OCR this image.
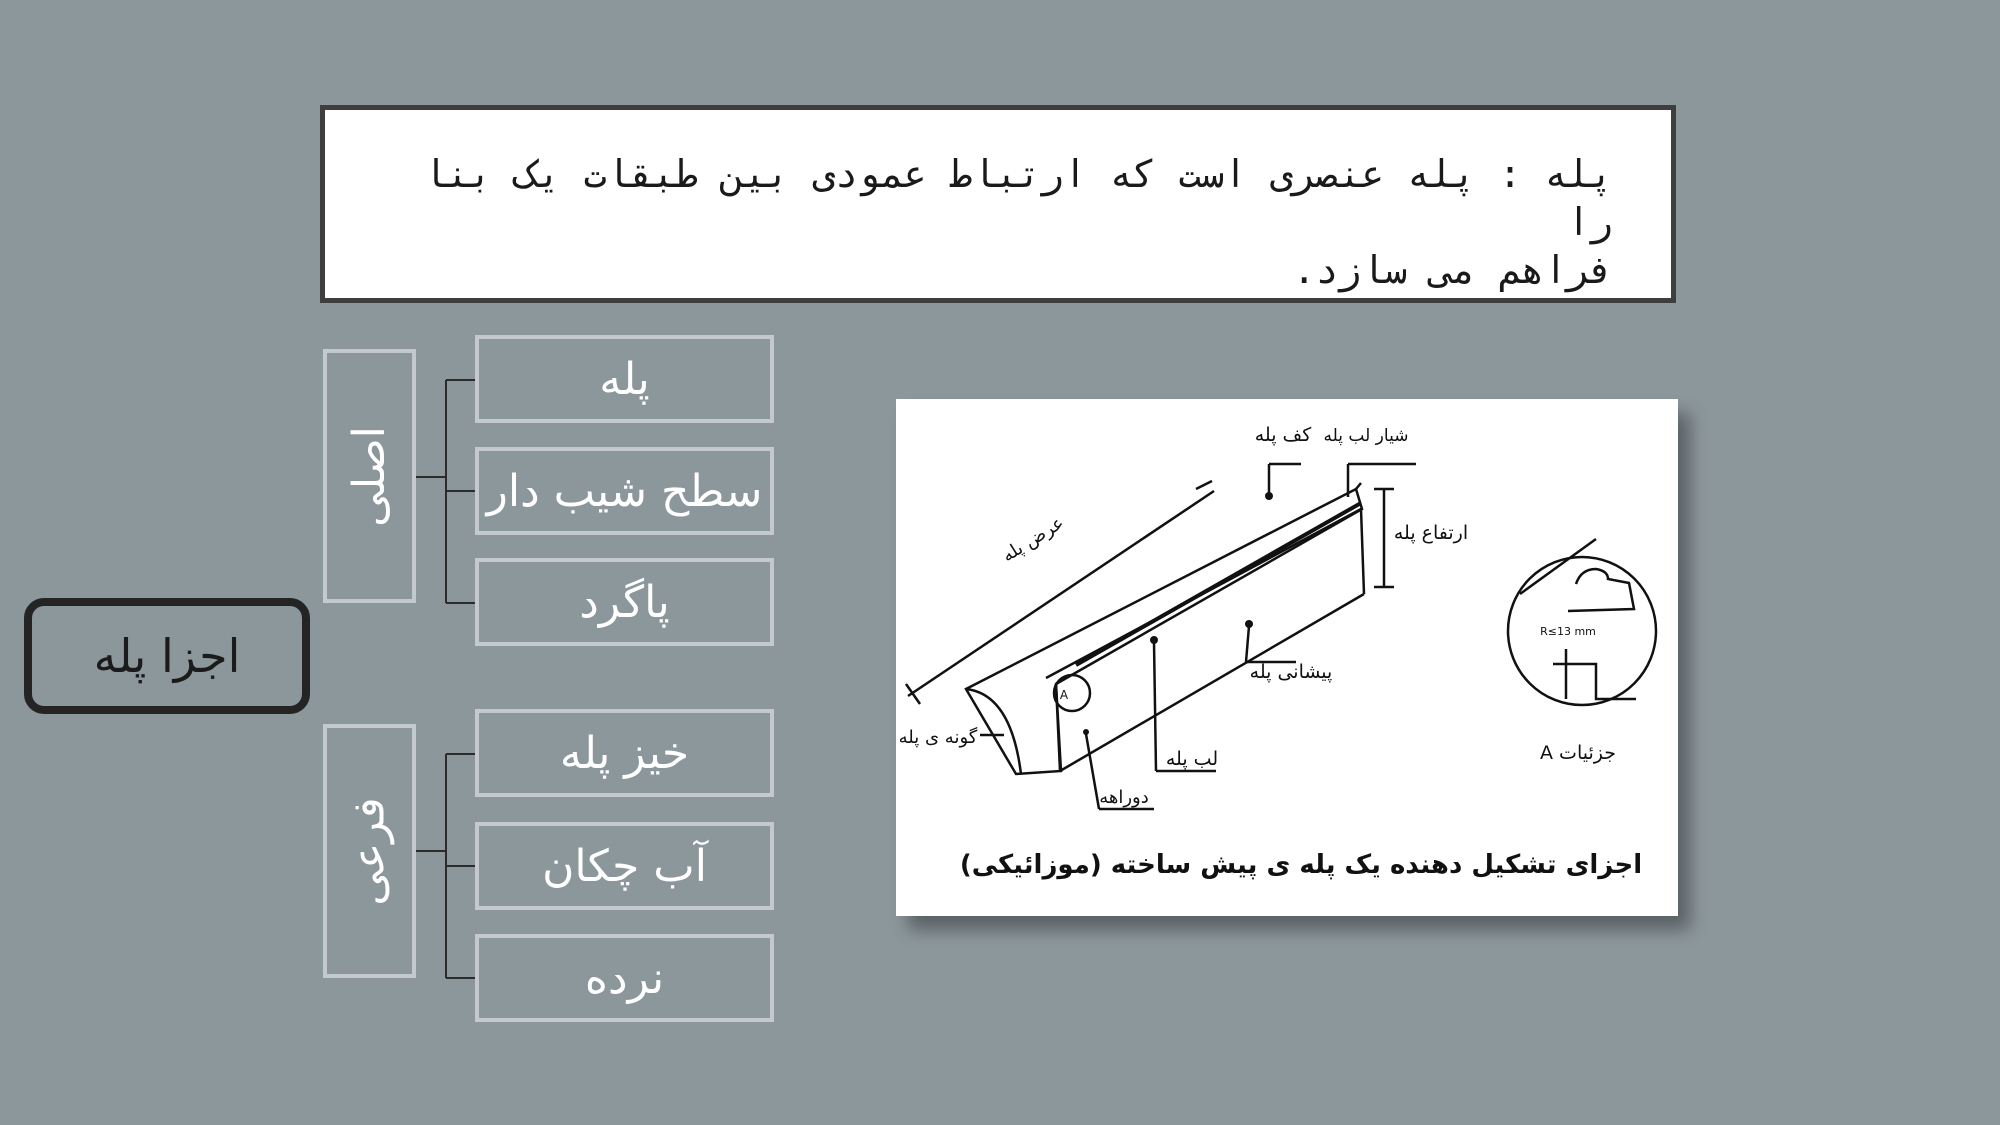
پله : پله عنصری است که ارتباط عمودی بین طبقات یک بنا را
فراهم می سازد.
اجزا پله
اصلی
فرعی
پله
سطح شیب دار
پاگرد
خیز پله
آب چکان
نرده
کف پله شیار لب پله
عرض پله	ارتفاع پله
پیشانی پله
گونه ی پله
لب پله
دوراهه
جزئیات A
R≤13 mm
A
اجزای تشکیل دهنده یک پله ی پیش ساخته (موزائیکی)
